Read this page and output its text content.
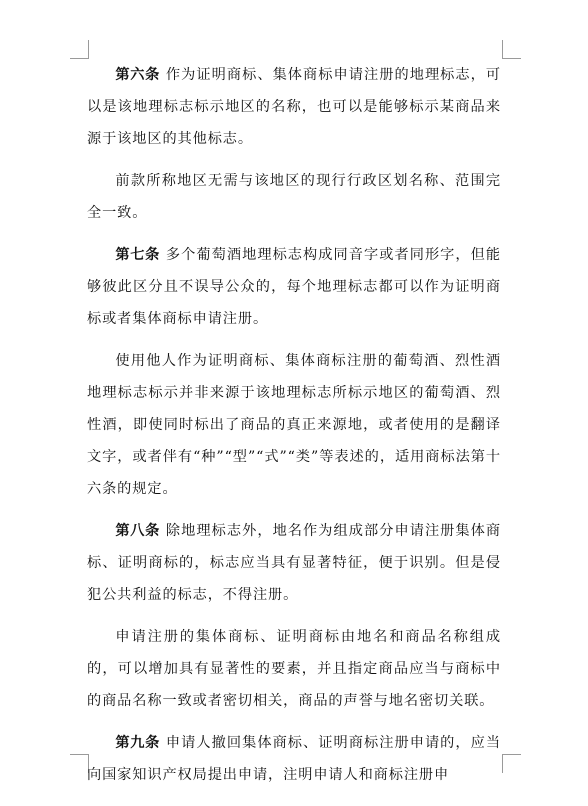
第六条 作为证明商标、集体商标申请注册的地理标志，可以是该地理标志标示地区的名称，也可以是能够标示某商品来源于该地区的其他标志。

前款所称地区无需与该地区的现行行政区划名称、范围完全一致。

第七条 多个葡萄酒地理标志构成同音字或者同形字，但能够彼此区分且不误导公众的，每个地理标志都可以作为证明商标或者集体商标申请注册。

使用他人作为证明商标、集体商标注册的葡萄酒、烈性酒地理标志标示并非来源于该地理标志所标示地区的葡萄酒、烈性酒，即使同时标出了商品的真正来源地，或者使用的是翻译文字，或者伴有“种”“型”“式”“类”等表述的，适用商标法第十六条的规定。

第八条 除地理标志外，地名作为组成部分申请注册集体商标、证明商标的，标志应当具有显著特征，便于识别。但是侵犯公共利益的标志，不得注册。

申请注册的集体商标、证明商标由地名和商品名称组成的，可以增加具有显著性的要素，并且指定商品应当与商标中的商品名称一致或者密切相关，商品的声誉与地名密切关联。

第九条 申请人撤回集体商标、证明商标注册申请的，应当向国家知识产权局提出申请，注明申请人和商标注册申
